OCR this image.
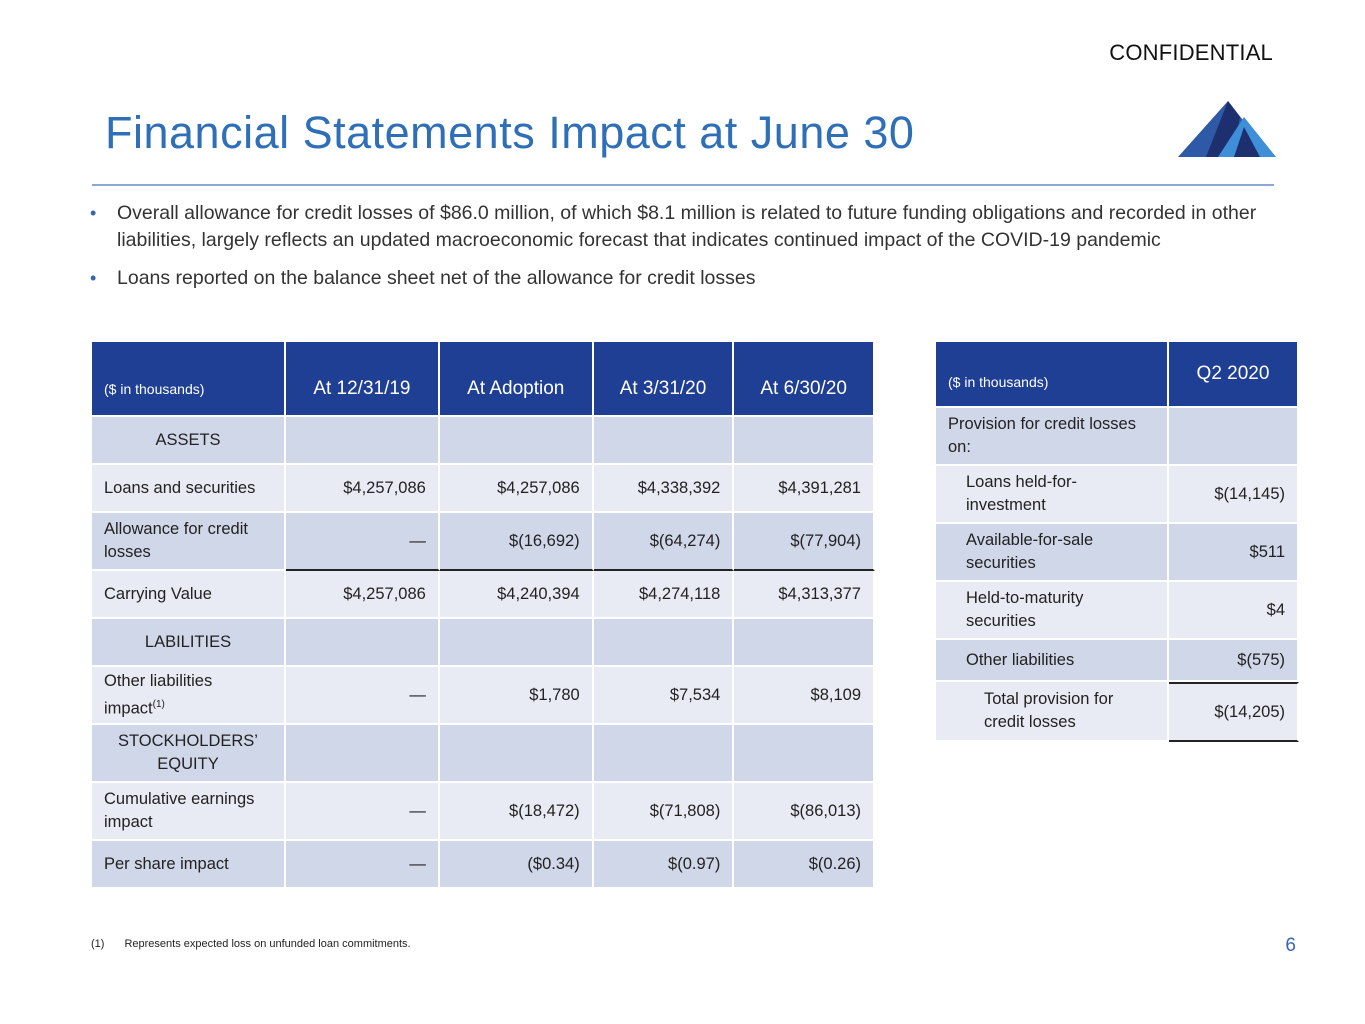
CONFIDENTIAL
Financial Statements Impact at June 30
• Overall allowance for credit losses of $86.0 million, of which $8.1 million is related to future funding obligations and recorded in other liabilities, largely reflects an updated macroeconomic forecast that indicates continued impact of the COVID-19 pandemic
• Loans reported on the balance sheet net of the allowance for credit losses
($ in thousands)	At 12/31/19	At Adoption	At 3/31/20	At 6/30/20
ASSETS				
Loans and securities	$4,257,086	$4,257,086	$4,338,392	$4,391,281
Allowance for credit losses	—	$(16,692)	$(64,274)	$(77,904)
Carrying Value	$4,257,086	$4,240,394	$4,274,118	$4,313,377
LABILITIES				
Other liabilities impact$^{(1)}$	—	$1,780	$7,534	$8,109
STOCKHOLDERS’ EQUITY				
Cumulative earnings impact	—	$(18,472)	$(71,808)	$(86,013)
Per share impact	—	($0.34)	$(0.97)	$(0.26)
($ in thousands)	Q2 2020
Provision for credit losses on:	
Loans held-for-investment	$(14,145)
Available-for-sale securities	$511
Held-to-maturity securities	$4
Other liabilities	$(575)
Total provision for credit losses	$(14,205)
(1) Represents expected loss on unfunded loan commitments.	6
